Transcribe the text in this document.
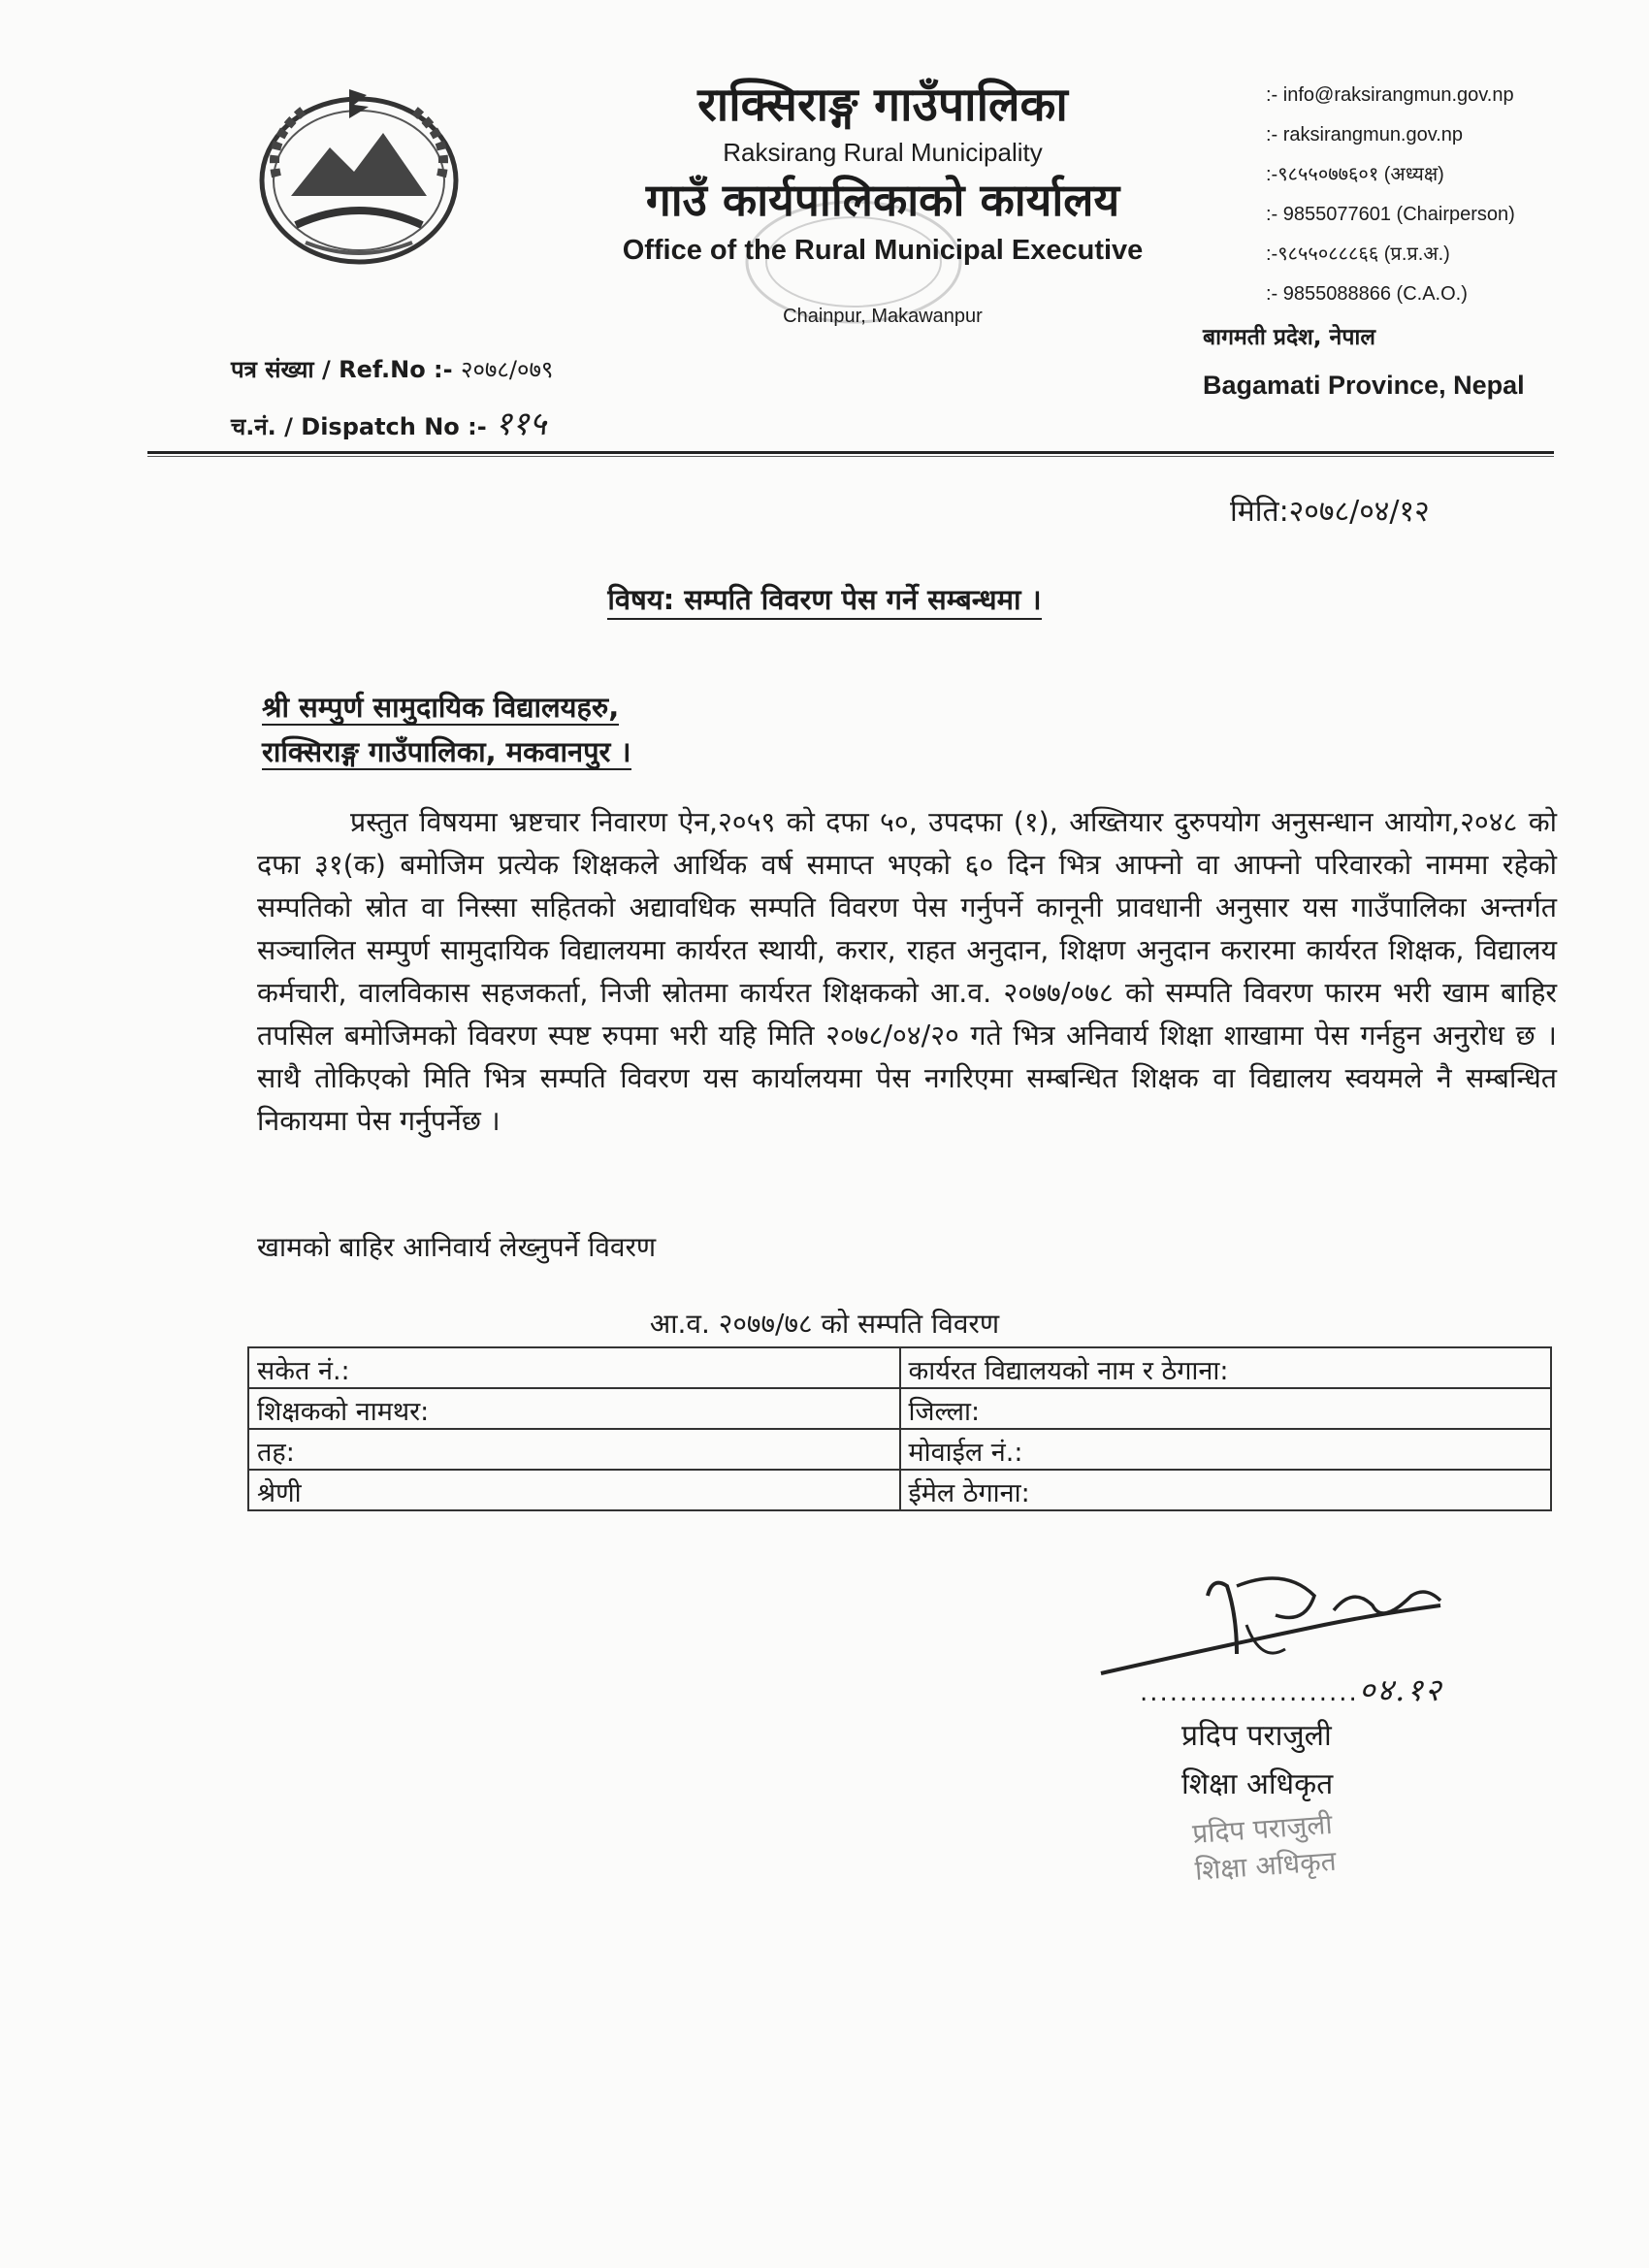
राक्सिराङ्ग गाउँपालिका
Raksirang Rural Municipality
गाउँ कार्यपालिकाको कार्यालय
Office of the Rural Municipal Executive
Chainpur, Makawanpur
:- info@raksirangmun.gov.np
:- raksirangmun.gov.np
:-९८५५०७७६०१ (अध्यक्ष)
:- 9855077601 (Chairperson)
:-९८५५०८८८६६ (प्र.प्र.अ.)
:- 9855088866 (C.A.O.)
बागमती प्रदेश, नेपाल
Bagamati Province, Nepal
पत्र संख्या / Ref.No :- २०७८/०७९
च.नं. / Dispatch No :- ११५
मिति:२०७८/०४/१२
विषय: सम्पति विवरण पेस गर्ने सम्बन्धमा ।
श्री सम्पुर्ण सामुदायिक विद्यालयहरु,
राक्सिराङ्ग गाउँपालिका, मकवानपुर ।
प्रस्तुत विषयमा भ्रष्टचार निवारण ऐन,२०५९ को दफा ५०, उपदफा (१), अख्तियार दुरुपयोग अनुसन्धान आयोग,२०४८ को दफा ३१(क) बमोजिम प्रत्येक शिक्षकले आर्थिक वर्ष समाप्त भएको ६० दिन भित्र आफ्नो वा आफ्नो परिवारको नाममा रहेको सम्पतिको स्रोत वा निस्सा सहितको अद्यावधिक सम्पति विवरण पेस गर्नुपर्ने कानूनी प्रावधानी अनुसार यस गाउँपालिका अन्तर्गत सञ्चालित सम्पुर्ण सामुदायिक विद्यालयमा कार्यरत स्थायी, करार, राहत अनुदान, शिक्षण अनुदान करारमा कार्यरत शिक्षक, विद्यालय कर्मचारी, वालविकास सहजकर्ता, निजी स्रोतमा कार्यरत शिक्षकको आ.व. २०७७/०७८ को सम्पति विवरण फारम भरी खाम बाहिर तपसिल बमोजिमको विवरण स्पष्ट रुपमा भरी यहि मिति २०७८/०४/२० गते भित्र अनिवार्य शिक्षा शाखामा पेस गर्नहुन अनुरोध छ । साथै तोकिएको मिति भित्र सम्पति विवरण यस कार्यालयमा पेस नगरिएमा सम्बन्धित शिक्षक वा विद्यालय स्वयमले नै सम्बन्धित निकायमा पेस गर्नुपर्नेछ ।
खामको बाहिर आनिवार्य लेख्नुपर्ने विवरण
आ.व. २०७७/७८ को सम्पति विवरण
सकेत नं.:	कार्यरत विद्यालयको नाम र ठेगाना:
शिक्षकको नामथर:	जिल्ला:
तह:	मोवाईल नं.:
श्रेणी	ईमेल ठेगाना:
......................०४.१२
प्रदिप पराजुली
शिक्षा अधिकृत
प्रदिप पराजुली
शिक्षा अधिकृत
